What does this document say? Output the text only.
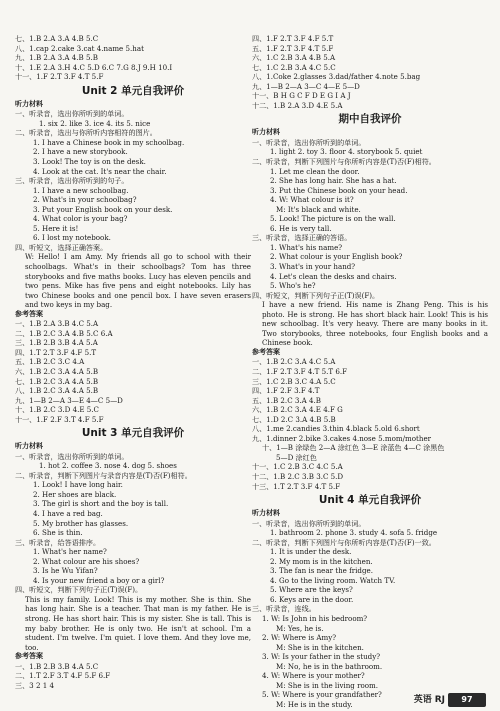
七、1.B 2.A 3.A 4.B 5.C
八、1.cap 2.cake 3.cat 4.name 5.hat
九、1.B 2.A 3.A 4.B 5.B
十、1.E 2.A 3.H 4.C 5.D 6.C 7.G 8.J 9.H 10.I
十一、1.F 2.T 3.F 4.T 5.F
Unit 2 单元自我评价
听力材料
一、听录音，选出你所听到的单词。
1. six 2. like 3. ice 4. its 5. nice
二、听录音，选出与你所听内容相符的图片。
1. I have a Chinese book in my schoolbag.
2. I have a new storybook.
3. Look! The toy is on the desk.
4. Look at the cat. It's near the chair.
三、听录音，选出你所听到的句子。
1. I have a new schoolbag.
2. What's in your schoolbag?
3. Put your English book on your desk.
4. What color is your bag?
5. Here it is!
6. I lost my notebook.
四、听短文，选择正确答案。
W: Hello! I am Amy. My friends all go to school with their schoolbags. What's in their schoolbags? Tom has three storybooks and five maths books. Lucy has eleven pencils and two pens. Mike has five pens and eight notebooks. Lily has two Chinese books and one pencil box. I have seven erasers and two keys in my bag.
参考答案
一、1.B 2.A 3.B 4.C 5.A
二、1.B 2.C 3.A 4.B 5.C 6.A
三、1.B 2.B 3.B 4.A 5.A
四、1.T 2.T 3.F 4.F 5.T
五、1.B 2.C 3.C 4.A
六、1.B 2.C 3.A 4.A 5.B
七、1.B 2.C 3.A 4.A 5.B
八、1.B 2.C 3.A 4.A 5.B
九、1—B 2—A 3—E 4—C 5—D
十、1.B 2.C 3.D 4.E 5.C
十一、1.F 2.F 3.T 4.F 5.F
Unit 3 单元自我评价
听力材料
一、听录音，选出你所听到的单词。
1. hot 2. coffee 3. nose 4. dog 5. shoes
二、听录音，判断下列图片与录音内容是(T)否(F)相符。
1. Look! I have long hair.
2. Her shoes are black.
3. The girl is short and the boy is tall.
4. I have a red bag.
5. My brother has glasses.
6. She is thin.
三、听录音，给答语排序。
1. What's her name?
2. What colour are his shoes?
3. Is he Wu Yifan?
4. Is your new friend a boy or a girl?
四、听短文，判断下列句子正(T)误(F)。
This is my family. Look! This is my mother. She is thin. She has long hair. She is a teacher. That man is my father. He is strong. He has short hair. This is my sister. She is tall. This is my baby brother. He is only two. He isn't at school. I'm a student. I'm twelve. I'm quiet. I love them. And they love me, too.
参考答案
一、1.B 2.B 3.B 4.A 5.C
二、1.T 2.F 3.T 4.F 5.F 6.F
三、3 2 1 4
四、1.F 2.T 3.F 4.F 5.T
五、1.F 2.T 3.F 4.T 5.F
六、1.C 2.B 3.A 4.B 5.A
七、1.C 2.B 3.A 4.C 5.C
八、1.Coke 2.glasses 3.dad/father 4.note 5.bag
九、1—B 2—A 3—C 4—E 5—D
十一、B H G C F D E G I A J
十二、1.B 2.A 3.D 4.E 5.A
期中自我评价
听力材料
一、听录音，选出你所听到的单词。
1. light 2. toy 3. floor 4. storybook 5. quiet
二、听录音，判断下列图片与你所听内容是(T)否(F)相符。
1. Let me clean the door.
2. She has long hair. She has a hat.
3. Put the Chinese book on your head.
4. W: What colour is it?
M: It's black and white.
5. Look! The picture is on the wall.
6. He is very tall.
三、听录音，选择正确的答语。
1. What's his name?
2. What colour is your English book?
3. What's in your hand?
4. Let's clean the desks and chairs.
5. Who's he?
四、听短文，判断下列句子正(T)误(F)。
I have a new friend. His name is Zhang Peng. This is his photo. He is strong. He has short black hair. Look! This is his new schoolbag. It's very heavy. There are many books in it. Two storybooks, three notebooks, four English books and a Chinese book.
参考答案
一、1.B 2.C 3.A 4.C 5.A
二、1.F 2.T 3.F 4.T 5.T 6.F
三、1.C 2.B 3.C 4.A 5.C
四、1.F 2.F 3.F 4.T
五、1.B 2.C 3.A 4.B
六、1.B 2.C 3.A 4.E 4.F G
七、1.D 2.C 3.A 4.B 5.B
八、1.me 2.candies 3.thin 4.black 5.old 6.short
九、1.dinner 2.bike 3.cakes 4.nose 5.mom/mother
十、1—B 涂绿色 2—A 涂红色 3—E 涂蓝色 4—C 涂黑色
5—D 涂红色
十一、1.C 2.B 3.C 4.C 5.A
十二、1.B 2.C 3.B 3.C 5.D
十三、1.T 2.T 3.F 4.T 5.F
Unit 4 单元自我评价
听力材料
一、听录音，选出你所听到的单词。
1. bathroom 2. phone 3. study 4. sofa 5. fridge
二、听录音，判断下列图片与你所听内容是(T)否(F)一致。
1. It is under the desk.
2. My mom is in the kitchen.
3. The fan is near the fridge.
4. Go to the living room. Watch TV.
5. Where are the keys?
6. Keys are in the door.
三、听录音，连线。
1. W: Is John in his bedroom?
M: Yes, he is.
2. W: Where is Amy?
M: She is in the kitchen.
3. W: Is your father in the study?
M: No, he is in the bathroom.
4. W: Where is your mother?
M: She is in the living room.
5. W: Where is your grandfather?
M: He is in the study.	英语 RJ	97
